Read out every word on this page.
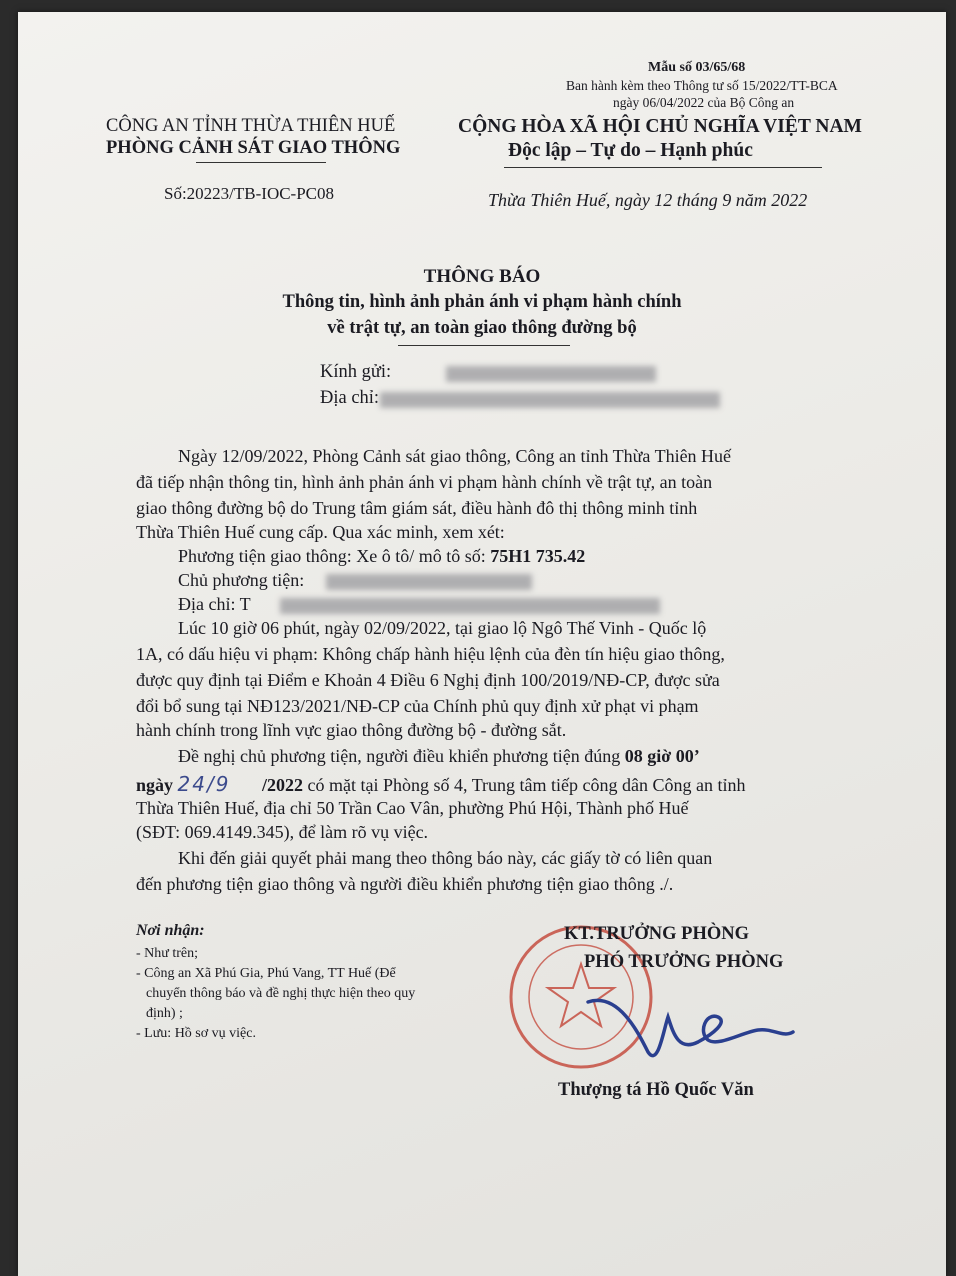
Mẫu số 03/65/68
Ban hành kèm theo Thông tư số 15/2022/TT-BCA
ngày 06/04/2022 của Bộ Công an
CÔNG AN TỈNH THỪA THIÊN HUẾ
PHÒNG CẢNH SÁT GIAO THÔNG
CỘNG HÒA XÃ HỘI CHỦ NGHĨA VIỆT NAM
Độc lập – Tự do – Hạnh phúc
Số:20223/TB-IOC-PC08	Thừa Thiên Huế, ngày 12 tháng 9 năm 2022
THÔNG BÁO
Thông tin, hình ảnh phản ánh vi phạm hành chính
về trật tự, an toàn giao thông đường bộ
Kính gửi:
Địa chỉ:
Ngày 12/09/2022, Phòng Cảnh sát giao thông, Công an tỉnh Thừa Thiên Huế
đã tiếp nhận thông tin, hình ảnh phản ánh vi phạm hành chính về trật tự, an toàn
giao thông đường bộ do Trung tâm giám sát, điều hành đô thị thông minh tỉnh
Thừa Thiên Huế cung cấp. Qua xác minh, xem xét:
Phương tiện giao thông: Xe ô tô/ mô tô số: 75H1 735.42
Chủ phương tiện:
Địa chỉ: T
Lúc 10 giờ 06 phút, ngày 02/09/2022, tại giao lộ Ngô Thế Vinh - Quốc lộ
1A, có dấu hiệu vi phạm: Không chấp hành hiệu lệnh của đèn tín hiệu giao thông,
được quy định tại Điểm e Khoản 4 Điều 6 Nghị định 100/2019/NĐ-CP, được sửa
đổi bổ sung tại NĐ123/2021/NĐ-CP của Chính phủ quy định xử phạt vi phạm
hành chính trong lĩnh vực giao thông đường bộ - đường sắt.
Đề nghị chủ phương tiện, người điều khiển phương tiện đúng 08 giờ 00’
ngày 24/9 /2022 có mặt tại Phòng số 4, Trung tâm tiếp công dân Công an tỉnh
Thừa Thiên Huế, địa chỉ 50 Trần Cao Vân, phường Phú Hội, Thành phố Huế
(SĐT: 069.4149.345), để làm rõ vụ việc.
Khi đến giải quyết phải mang theo thông báo này, các giấy tờ có liên quan
đến phương tiện giao thông và người điều khiển phương tiện giao thông ./.
Nơi nhận:
- Như trên;
- Công an Xã Phú Gia, Phú Vang, TT Huế (Để
chuyển thông báo và đề nghị thực hiện theo quy
định) ;
- Lưu: Hồ sơ vụ việc.
KT.TRƯỞNG PHÒNG
PHÓ TRƯỞNG PHÒNG
Thượng tá Hồ Quốc Văn
